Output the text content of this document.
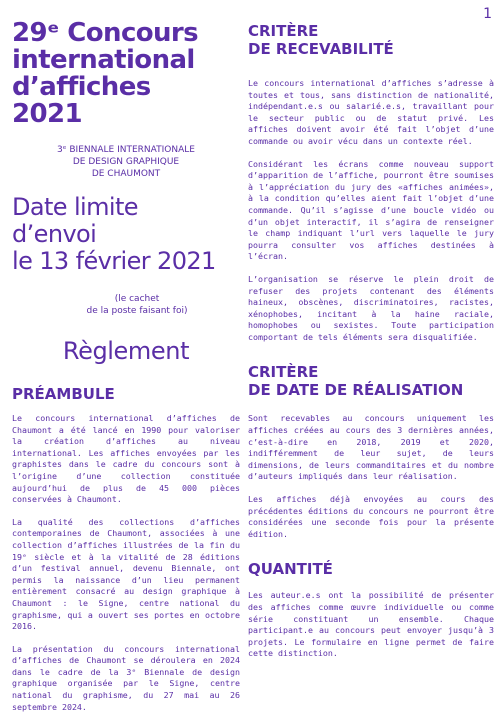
1
29ᵉ Concours
international
d’affiches
2021
3ᵉ BIENNALE INTERNATIONALE
DE DESIGN GRAPHIQUE
DE CHAUMONT
Date limite
d’envoi
le 13 février 2021
(le cachet
de la poste faisant foi)
Règlement
PRÉAMBULE

Le concours international d’affiches de Chaumont a été lancé en 1990 pour valoriser la création d’affiches au niveau international. Les affiches envoyées par les graphistes dans le cadre du concours sont à l’origine d’une collection constituée aujourd’hui de plus de 45 000 pièces conservées à Chaumont.

La qualité des collections d’affiches contemporaines de Chaumont, associées à une collection d’affiches illustrées de la fin du 19ᵉ siècle et à la vitalité de 28 éditions d’un festival annuel, devenu Biennale, ont permis la naissance d’un lieu permanent entièrement consacré au design graphique à Chaumont : le Signe, centre national du graphisme, qui a ouvert ses portes en octobre 2016.

La présentation du concours international d’affiches de Chaumont se déroulera en 2024 dans le cadre de la 3ᵉ Biennale de design graphique organisée par le Signe, centre national du graphisme, du 27 mai au 26 septembre 2024.

CRITÈRE
DE RECEVABILITÉ

Le concours international d’affiches s’adresse à toutes et tous, sans distinction de nationalité, indépendant.e.s ou salarié.e.s, travaillant pour le secteur public ou de statut privé. Les affiches doivent avoir été fait l’objet d’une commande ou avoir vécu dans un contexte réel.

Considérant les écrans comme nouveau support d’apparition de l’affiche, pourront être soumises à l’appréciation du jury des «affiches animées», à la condition qu’elles aient fait l’objet d’une commande. Qu’il s’agisse d’une boucle vidéo ou d’un objet interactif, il s’agira de renseigner le champ indiquant l’url vers laquelle le jury pourra consulter vos affiches destinées à l’écran.

L’organisation se réserve le plein droit de refuser des projets contenant des éléments haineux, obscènes, discriminatoires, racistes, xénophobes, incitant à la haine raciale, homophobes ou sexistes. Toute participation comportant de tels éléments sera disqualifiée.

CRITÈRE
DE DATE DE RÉALISATION

Sont recevables au concours uniquement les affiches créées au cours des 3 dernières années, c’est-à-dire en 2018, 2019 et 2020, indifféremment de leur sujet, de leurs dimensions, de leurs commanditaires et du nombre d’auteurs impliqués dans leur réalisation.

Les affiches déjà envoyées au cours des précédentes éditions du concours ne pourront être considérées une seconde fois pour la présente édition.

QUANTITÉ

Les auteur.e.s ont la possibilité de présenter des affiches comme œuvre individuelle ou comme série constituant un ensemble. Chaque participant.e au concours peut envoyer jusqu’à 3 projets. Le formulaire en ligne permet de faire cette distinction.
